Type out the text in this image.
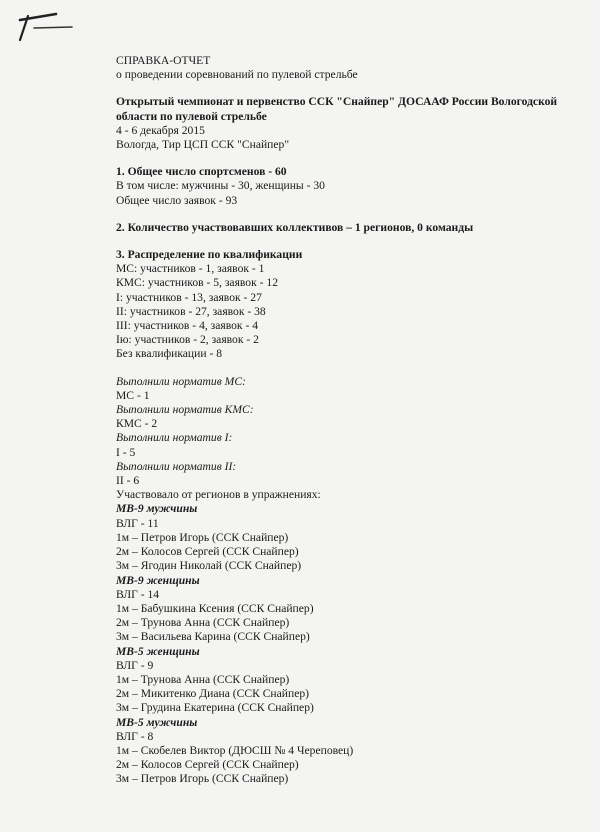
СПРАВКА-ОТЧЕТ
о проведении соревнований по пулевой стрельбе
Открытый чемпионат и первенство ССК "Снайпер" ДОСААФ России Вологодской
области по пулевой стрельбе
4 - 6 декабря 2015
Вологда, Тир ЦСП ССК "Снайпер"
1. Общее число спортсменов - 60
В том числе: мужчины - 30, женщины - 30
Общее число заявок - 93
2. Количество участвовавших коллективов – 1 регионов, 0 команды
3. Распределение по квалификации
МС: участников - 1, заявок - 1
КМС: участников - 5, заявок - 12
I: участников - 13, заявок - 27
II: участников - 27, заявок - 38
III: участников - 4, заявок - 4
Iю: участников - 2, заявок - 2
Без квалификации - 8
Выполнили норматив МС:
МС - 1
Выполнили норматив КМС:
КМС - 2
Выполнили норматив I:
I - 5
Выполнили норматив II:
II - 6
Участвовало от регионов в упражнениях:
МВ-9 мужчины
ВЛГ - 11
1м – Петров Игорь (ССК Снайпер)
2м – Колосов Сергей (ССК Снайпер)
3м – Ягодин Николай (ССК Снайпер)
МВ-9 женщины
ВЛГ - 14
1м – Бабушкина Ксения (ССК Снайпер)
2м – Трунова Анна (ССК Снайпер)
3м – Васильева Карина (ССК Снайпер)
МВ-5 женщины
ВЛГ - 9
1м – Трунова Анна (ССК Снайпер)
2м – Микитенко Диана (ССК Снайпер)
3м – Грудина Екатерина (ССК Снайпер)
МВ-5 мужчины
ВЛГ - 8
1м – Скобелев Виктор (ДЮСШ № 4 Череповец)
2м – Колосов Сергей (ССК Снайпер)
3м – Петров Игорь (ССК Снайпер)
